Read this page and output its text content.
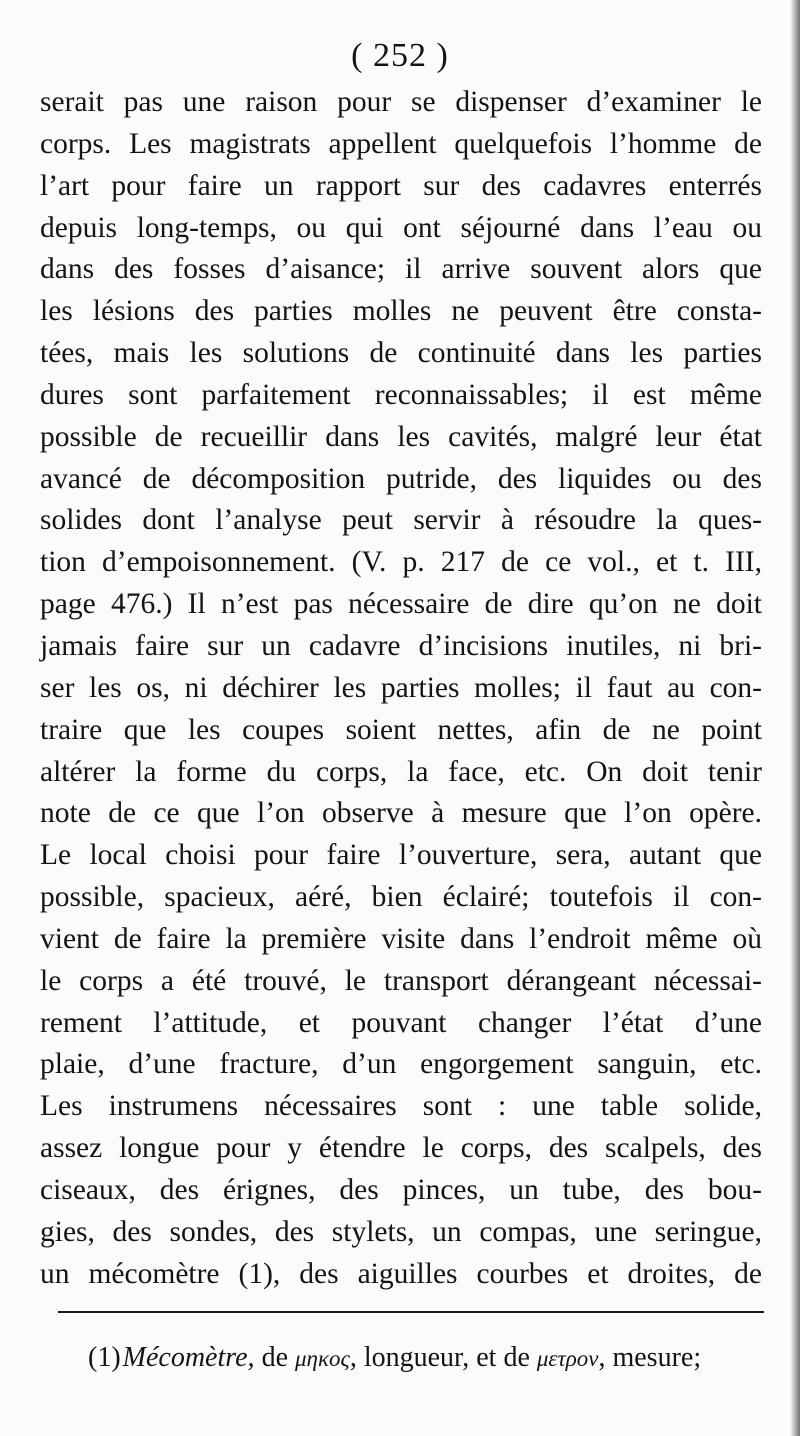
( 252 )
serait pas une raison pour se dispenser d’examiner le
corps. Les magistrats appellent quelquefois l’homme de
l’art pour faire un rapport sur des cadavres enterrés
depuis long-temps, ou qui ont séjourné dans l’eau ou
dans des fosses d’aisance; il arrive souvent alors que
les lésions des parties molles ne peuvent être consta-
tées, mais les solutions de continuité dans les parties
dures sont parfaitement reconnaissables; il est même
possible de recueillir dans les cavités, malgré leur état
avancé de décomposition putride, des liquides ou des
solides dont l’analyse peut servir à résoudre la ques-
tion d’empoisonnement. (V. p. 217 de ce vol., et t. III,
page 476.) Il n’est pas nécessaire de dire qu’on ne doit
jamais faire sur un cadavre d’incisions inutiles, ni bri-
ser les os, ni déchirer les parties molles; il faut au con-
traire que les coupes soient nettes, afin de ne point
altérer la forme du corps, la face, etc. On doit tenir
note de ce que l’on observe à mesure que l’on opère.
Le local choisi pour faire l’ouverture, sera, autant que
possible, spacieux, aéré, bien éclairé; toutefois il con-
vient de faire la première visite dans l’endroit même où
le corps a été trouvé, le transport dérangeant nécessai-
rement l’attitude, et pouvant changer l’état d’une
plaie, d’une fracture, d’un engorgement sanguin, etc.
Les instrumens nécessaires sont : une table solide,
assez longue pour y étendre le corps, des scalpels, des
ciseaux, des érignes, des pinces, un tube, des bou-
gies, des sondes, des stylets, un compas, une seringue,
un mécomètre (1), des aiguilles courbes et droites, de
(1)Mécomètre, de μηκος, longueur, et de μετρον, mesure;
